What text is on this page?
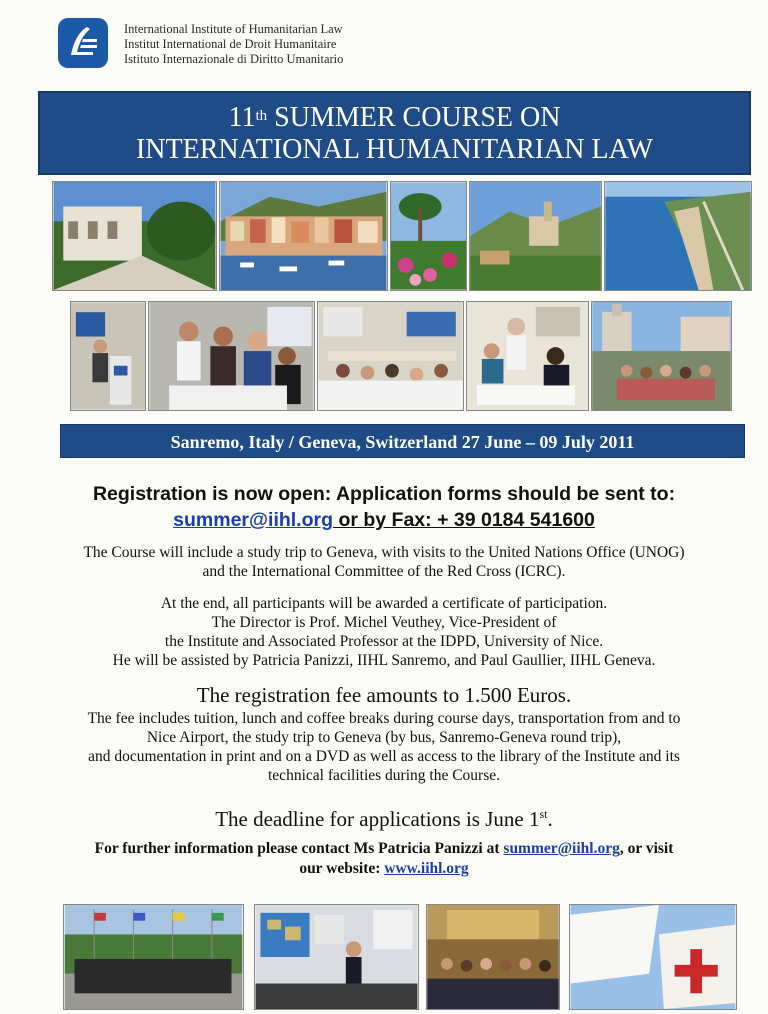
International Institute of Humanitarian Law
Institut International de Droit Humanitaire
Istituto Internazionale di Diritto Umanitario
11th SUMMER COURSE ON
INTERNATIONAL HUMANITARIAN LAW
Sanremo, Italy / Geneva, Switzerland 27 June – 09 July 2011
Registration is now open: Application forms should be sent to:
summer@iihl.org or by Fax: + 39 0184 541600
The Course will include a study trip to Geneva, with visits to the United Nations Office (UNOG)
and the International Committee of the Red Cross (ICRC).
At the end, all participants will be awarded a certificate of participation.
The Director is Prof. Michel Veuthey, Vice-President of
the Institute and Associated Professor at the IDPD, University of Nice.
He will be assisted by Patricia Panizzi, IIHL Sanremo, and Paul Gaullier, IIHL Geneva.
The registration fee amounts to 1.500 Euros.
The fee includes tuition, lunch and coffee breaks during course days, transportation from and to
Nice Airport, the study trip to Geneva (by bus, Sanremo-Geneva round trip),
and documentation in print and on a DVD as well as access to the library of the Institute and its
technical facilities during the Course.
The deadline for applications is June 1st.
For further information please contact Ms Patricia Panizzi at summer@iihl.org, or visit
our website: www.iihl.org
